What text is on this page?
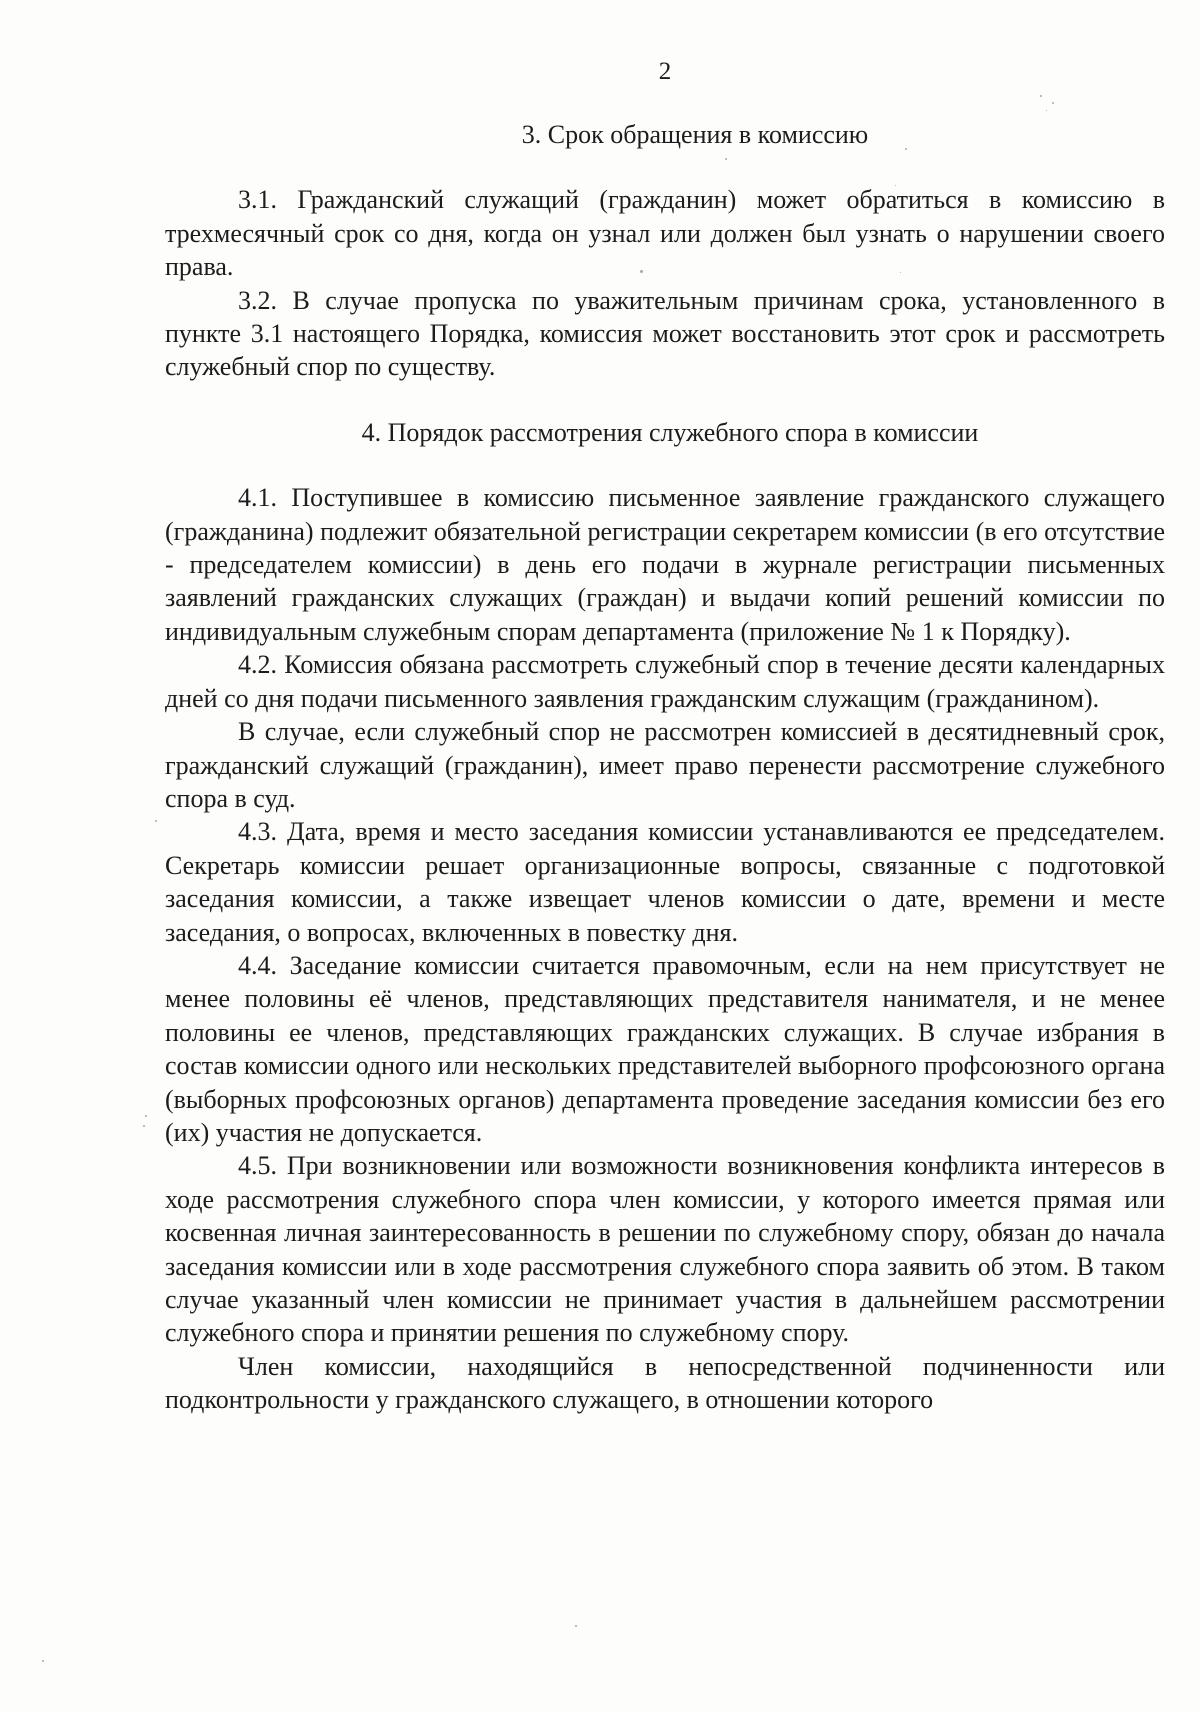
2

3. Срок обращения в комиссию

3.1. Гражданский служащий (гражданин) может обратиться в комиссию в трехмесячный срок со дня, когда он узнал или должен был узнать о нарушении своего права.

3.2. В случае пропуска по уважительным причинам срока, установленного в пункте 3.1 настоящего Порядка, комиссия может восстановить этот срок и рассмотреть служебный спор по существу.

4. Порядок рассмотрения служебного спора в комиссии

4.1. Поступившее в комиссию письменное заявление гражданского служащего (гражданина) подлежит обязательной регистрации секретарем комиссии (в его отсутствие - председателем комиссии) в день его подачи в журнале регистрации письменных заявлений гражданских служащих (граждан) и выдачи копий решений комиссии по индивидуальным служебным спорам департамента (приложение № 1 к Порядку).

4.2. Комиссия обязана рассмотреть служебный спор в течение десяти календарных дней со дня подачи письменного заявления гражданским служащим (гражданином).

В случае, если служебный спор не рассмотрен комиссией в десятидневный срок, гражданский служащий (гражданин), имеет право перенести рассмотрение служебного спора в суд.

4.3. Дата, время и место заседания комиссии устанавливаются ее председателем. Секретарь комиссии решает организационные вопросы, связанные с подготовкой заседания комиссии, а также извещает членов комиссии о дате, времени и месте заседания, о вопросах, включенных в повестку дня.

4.4. Заседание комиссии считается правомочным, если на нем присутствует не менее половины её членов, представляющих представителя нанимателя, и не менее половины ее членов, представляющих гражданских служащих. В случае избрания в состав комиссии одного или нескольких представителей выборного профсоюзного органа (выборных профсоюзных органов) департамента проведение заседания комиссии без его (их) участия не допускается.

4.5. При возникновении или возможности возникновения конфликта интересов в ходе рассмотрения служебного спора член комиссии, у которого имеется прямая или косвенная личная заинтересованность в решении по служебному спору, обязан до начала заседания комиссии или в ходе рассмотрения служебного спора заявить об этом. В таком случае указанный член комиссии не принимает участия в дальнейшем рассмотрении служебного спора и принятии решения по служебному спору.

Член комиссии, находящийся в непосредственной подчиненности или подконтрольности у гражданского служащего, в отношении которого
